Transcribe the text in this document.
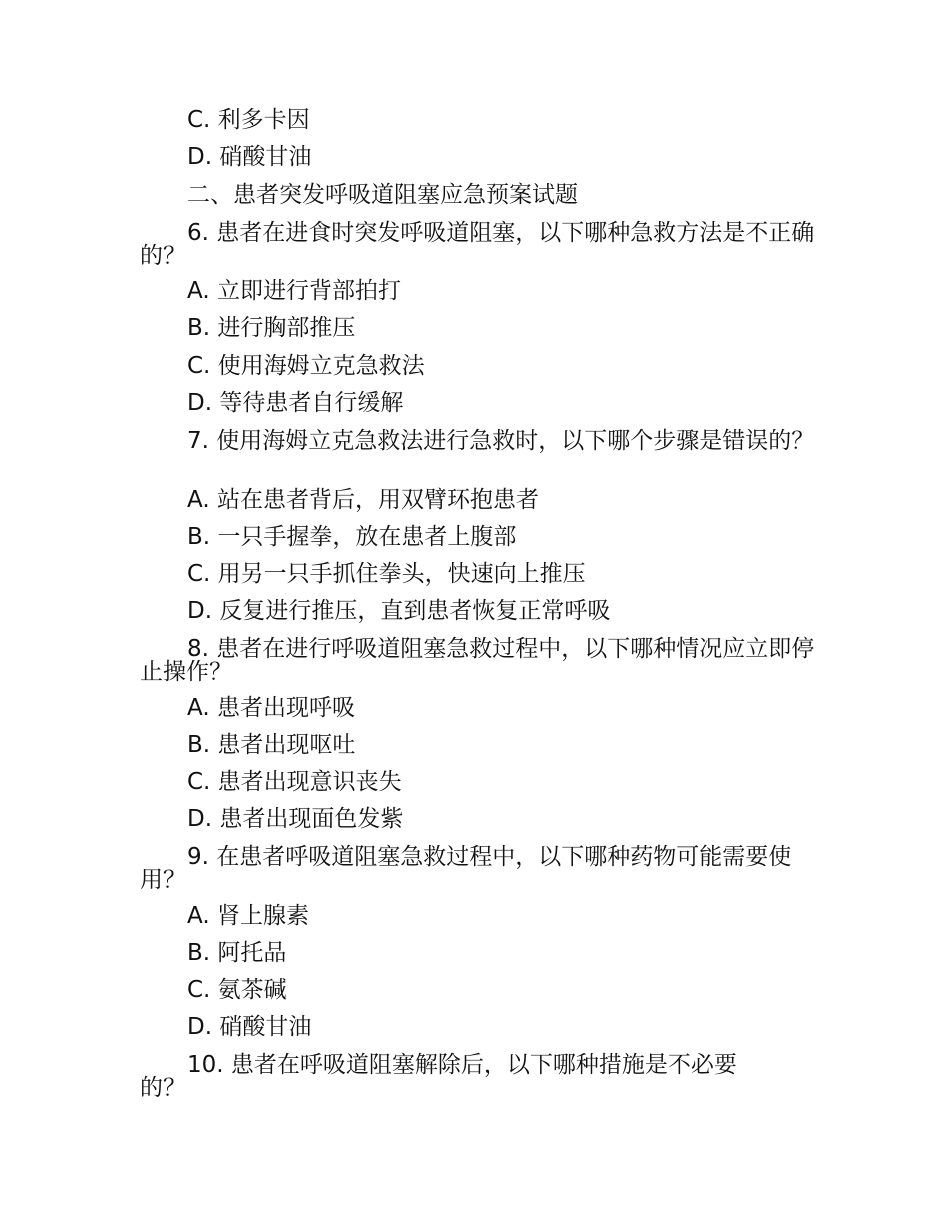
C. 利多卡因
D. 硝酸甘油
二、患者突发呼吸道阻塞应急预案试题
6. 患者在进食时突发呼吸道阻塞，以下哪种急救方法是不正确的？
A. 立即进行背部拍打
B. 进行胸部推压
C. 使用海姆立克急救法
D. 等待患者自行缓解
7. 使用海姆立克急救法进行急救时，以下哪个步骤是错误的？
A. 站在患者背后，用双臂环抱患者
B. 一只手握拳，放在患者上腹部
C. 用另一只手抓住拳头，快速向上推压
D. 反复进行推压，直到患者恢复正常呼吸
8. 患者在进行呼吸道阻塞急救过程中，以下哪种情况应立即停止操作？
A. 患者出现呼吸
B. 患者出现呕吐
C. 患者出现意识丧失
D. 患者出现面色发紫
9. 在患者呼吸道阻塞急救过程中，以下哪种药物可能需要使用？
A. 肾上腺素
B. 阿托品
C. 氨茶碱
D. 硝酸甘油
10. 患者在呼吸道阻塞解除后，以下哪种措施是不必要的？
